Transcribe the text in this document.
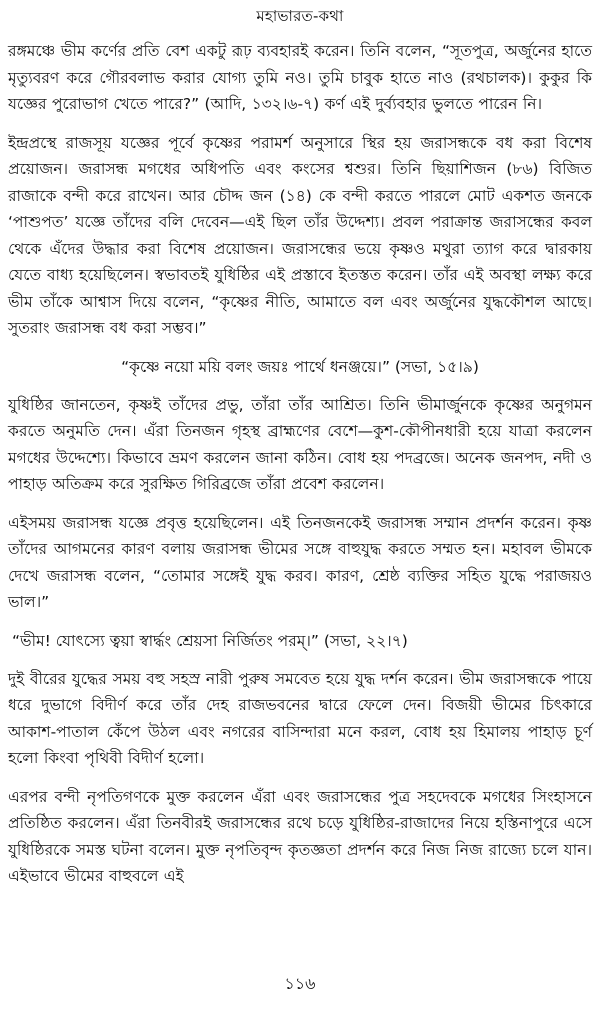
মহাভারত-কথা

রঙ্গমঞ্চে ভীম কর্ণের প্রতি বেশ একটু রূঢ় ব্যবহারই করেন। তিনি বলেন, “সূতপুত্র, অর্জুনের হাতে মৃত্যুবরণ করে গৌরবলাভ করার যোগ্য তুমি নও। তুমি চাবুক হাতে নাও (রথচালক)। কুকুর কি যজ্ঞের পুরোভাগ খেতে পারে?” (আদি, ১৩২।৬-৭) কর্ণ এই দুর্ব্যবহার ভুলতে পারেন নি।

ইন্দ্রপ্রস্থে রাজসূয় যজ্ঞের পূর্বে কৃষ্ণের পরামর্শ অনুসারে স্থির হয় জরাসন্ধকে বধ করা বিশেষ প্রয়োজন। জরাসন্ধ মগধের অধিপতি এবং কংসের শ্বশুর। তিনি ছিয়াশিজন (৮৬) বিজিত রাজাকে বন্দী করে রাখেন। আর চৌদ্দ জন (১৪) কে বন্দী করতে পারলে মোট একশত জনকে ‘পাশুপত’ যজ্ঞে তাঁদের বলি দেবেন—এই ছিল তাঁর উদ্দেশ্য। প্রবল পরাক্রান্ত জরাসন্ধের কবল থেকে এঁদের উদ্ধার করা বিশেষ প্রয়োজন। জরাসন্ধের ভয়ে কৃষ্ণও মথুরা ত্যাগ করে দ্বারকায় যেতে বাধ্য হয়েছিলেন। স্বভাবতই যুধিষ্ঠির এই প্রস্তাবে ইতস্তত করেন। তাঁর এই অবস্থা লক্ষ্য করে ভীম তাঁকে আশ্বাস দিয়ে বলেন, “কৃষ্ণের নীতি, আমাতে বল এবং অর্জুনের যুদ্ধকৌশল আছে। সুতরাং জরাসন্ধ বধ করা সম্ভব।”

“কৃষ্ণে নয়ো ময়ি বলং জয়ঃ পার্থে ধনঞ্জয়ে।” (সভা, ১৫।৯)

যুধিষ্ঠির জানতেন, কৃষ্ণই তাঁদের প্রভু, তাঁরা তাঁর আশ্রিত। তিনি ভীমার্জুনকে কৃষ্ণের অনুগমন করতে অনুমতি দেন। এঁরা তিনজন গৃহস্থ ব্রাহ্মণের বেশে—কুশ-কৌপীনধারী হয়ে যাত্রা করলেন মগধের উদ্দেশ্যে। কিভাবে ভ্রমণ করলেন জানা কঠিন। বোধ হয় পদব্রজে। অনেক জনপদ, নদী ও পাহাড় অতিক্রম করে সুরক্ষিত গিরিব্রজে তাঁরা প্রবেশ করলেন।

এইসময় জরাসন্ধ যজ্ঞে প্রবৃত্ত হয়েছিলেন। এই তিনজনকেই জরাসন্ধ সম্মান প্রদর্শন করেন। কৃষ্ণ তাঁদের আগমনের কারণ বলায় জরাসন্ধ ভীমের সঙ্গে বাহুযুদ্ধ করতে সম্মত হন। মহাবল ভীমকে দেখে জরাসন্ধ বলেন, “তোমার সঙ্গেই যুদ্ধ করব। কারণ, শ্রেষ্ঠ ব্যক্তির সহিত যুদ্ধে পরাজয়ও ভাল।”

“ভীম! যোৎস্যে ত্বয়া স্বার্দ্ধং শ্রেয়সা নির্জিতং পরম্।” (সভা, ২২।৭)

দুই বীরের যুদ্ধের সময় বহু সহস্র নারী পুরুষ সমবেত হয়ে যুদ্ধ দর্শন করেন। ভীম জরাসন্ধকে পায়ে ধরে দুভাগে বিদীর্ণ করে তাঁর দেহ রাজভবনের দ্বারে ফেলে দেন। বিজয়ী ভীমের চিৎকারে আকাশ-পাতাল কেঁপে উঠল এবং নগরের বাসিন্দারা মনে করল, বোধ হয় হিমালয় পাহাড় চূর্ণ হলো কিংবা পৃথিবী বিদীর্ণ হলো।

এরপর বন্দী নৃপতিগণকে মুক্ত করলেন এঁরা এবং জরাসন্ধের পুত্র সহদেবকে মগধের সিংহাসনে প্রতিষ্ঠিত করলেন। এঁরা তিনবীরই জরাসন্ধের রথে চড়ে যুধিষ্ঠির-রাজাদের নিয়ে হস্তিনাপুরে এসে যুধিষ্ঠিরকে সমস্ত ঘটনা বলেন। মুক্ত নৃপতিবৃন্দ কৃতজ্ঞতা প্রদর্শন করে নিজ নিজ রাজ্যে চলে যান। এইভাবে ভীমের বাহুবলে এই

১১৬
